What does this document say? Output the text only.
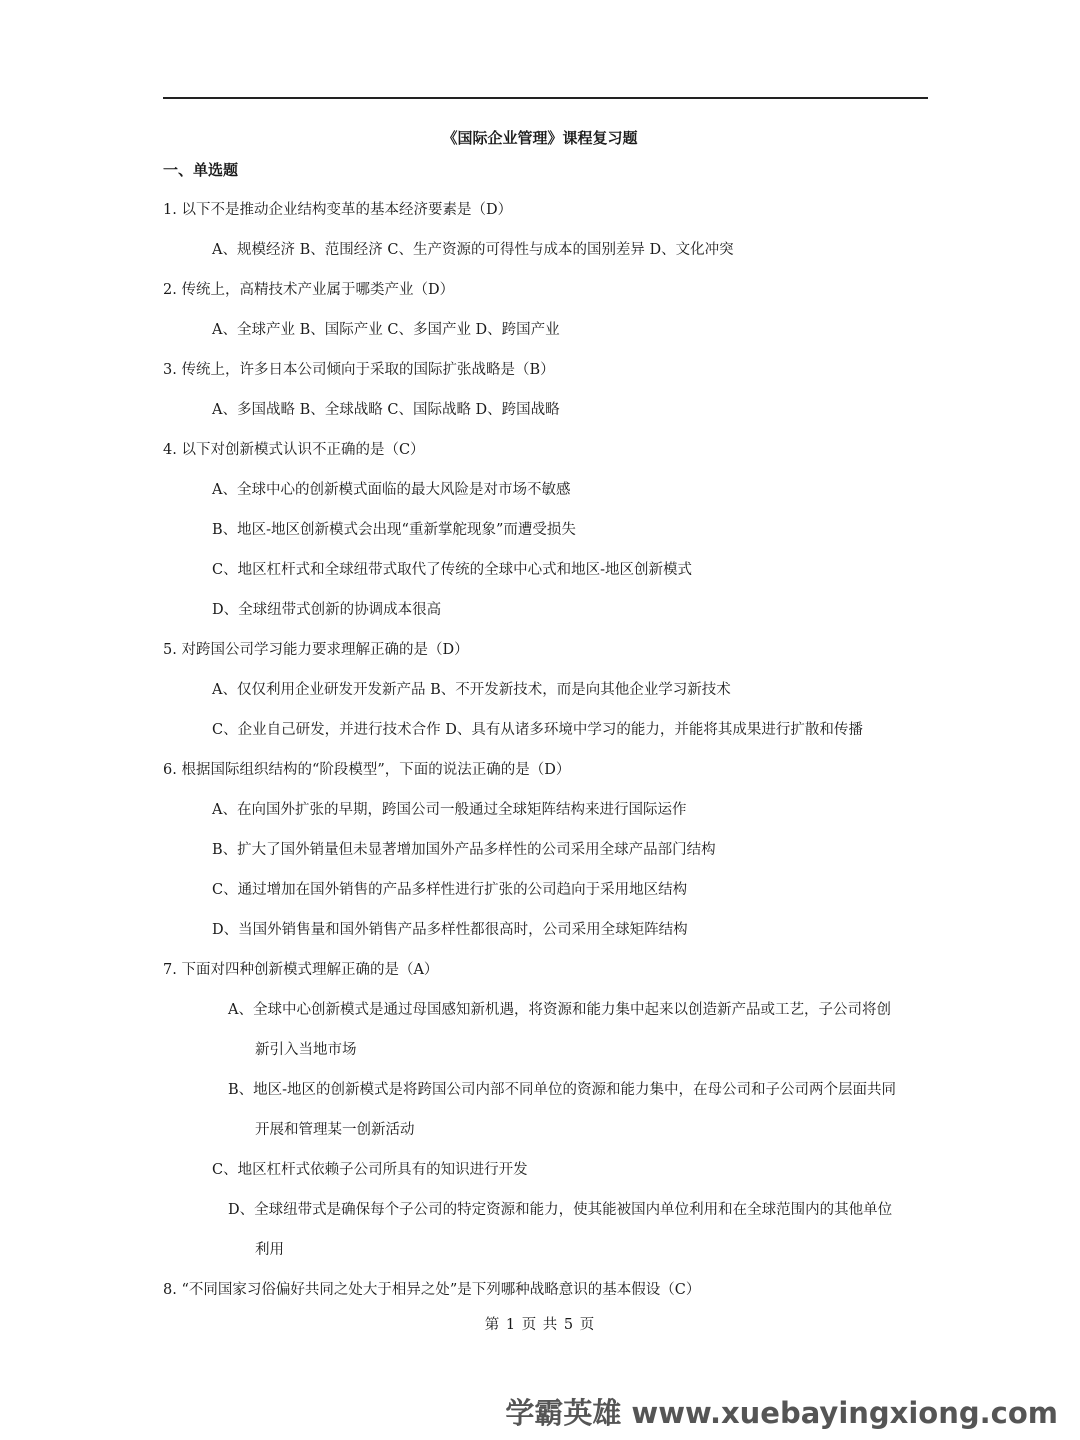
《国际企业管理》课程复习题
一、单选题
1. 以下不是推动企业结构变革的基本经济要素是（D）
A、规模经济 B、范围经济 C、生产资源的可得性与成本的国别差异 D、文化冲突
2. 传统上，高精技术产业属于哪类产业（D）
A、全球产业 B、国际产业 C、多国产业 D、跨国产业
3. 传统上，许多日本公司倾向于采取的国际扩张战略是（B）
A、多国战略 B、全球战略 C、国际战略 D、跨国战略
4. 以下对创新模式认识不正确的是（C）
A、全球中心的创新模式面临的最大风险是对市场不敏感
B、地区-地区创新模式会出现“重新掌舵现象”而遭受损失
C、地区杠杆式和全球纽带式取代了传统的全球中心式和地区-地区创新模式
D、全球纽带式创新的协调成本很高
5. 对跨国公司学习能力要求理解正确的是（D）
A、仅仅利用企业研发开发新产品 B、不开发新技术，而是向其他企业学习新技术
C、企业自己研发，并进行技术合作 D、具有从诸多环境中学习的能力，并能将其成果进行扩散和传播
6. 根据国际组织结构的“阶段模型”，下面的说法正确的是（D）
A、在向国外扩张的早期，跨国公司一般通过全球矩阵结构来进行国际运作
B、扩大了国外销量但未显著增加国外产品多样性的公司采用全球产品部门结构
C、通过增加在国外销售的产品多样性进行扩张的公司趋向于采用地区结构
D、当国外销售量和国外销售产品多样性都很高时，公司采用全球矩阵结构
7. 下面对四种创新模式理解正确的是（A）
A、全球中心创新模式是通过母国感知新机遇，将资源和能力集中起来以创造新产品或工艺，子公司将创
新引入当地市场
B、地区-地区的创新模式是将跨国公司内部不同单位的资源和能力集中，在母公司和子公司两个层面共同
开展和管理某一创新活动
C、地区杠杆式依赖子公司所具有的知识进行开发
D、全球纽带式是确保每个子公司的特定资源和能力，使其能被国内单位利用和在全球范围内的其他单位
利用
8. “不同国家习俗偏好共同之处大于相异之处”是下列哪种战略意识的基本假设（C）
第 1 页 共 5 页
学霸英雄 www.xuebayingxiong.com
